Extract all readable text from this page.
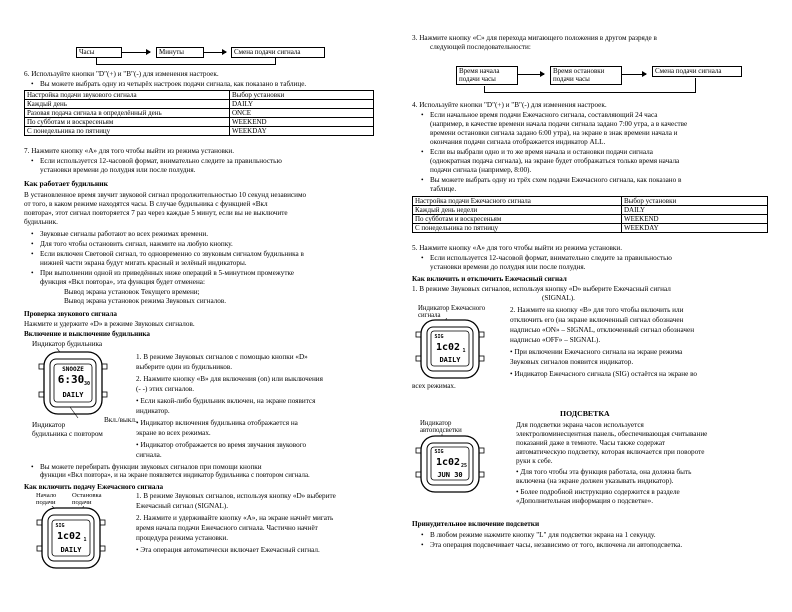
Часы	Минуты	Смена подачи сигнала
6. Используйте кнопки "D"(+) и "B"(-) для изменения настроек.
• Вы можете выбрать одну из четырёх настроек подачи сигнала, как показано в таблице.
Настройка подачи звукового сигнала	Выбор установки
Каждый день	DAILY
Разовая подача сигнала в определённый день	ONCE
По субботам и воскресеньям	WEEKEND
С понедельника по пятницу	WEEKDAY
7. Нажмите кнопку «A» для того чтобы выйти из режима установки.
• Если используется 12-часовой формат, внимательно следите за правильностью
установки времени до полудня или после полудня.
Как работает будильник
В установленное время звучит звуковой сигнал продолжительностью 10 секунд независимо
от того, в каком режиме находятся часы. В случае будильника с функцией «Вкл
повтора», этот сигнал повторяется 7 раз через каждые 5 минут, если вы не выключите
будильник.
• Звуковые сигналы работают во всех режимах времени.
• Для того чтобы остановить сигнал, нажмите на любую кнопку.
• Если включен Световой сигнал, то одновременно со звуковым сигналом будильника в
нижней части экрана будут мигать красный и зелёный индикаторы.
• При выполнении одной из приведённых ниже операций в 5-минутном промежутке
функция «Вкл повтора», эта функция будет отменена:
Вывод экрана установок Текущего времени;
Вывод экрана установок режима Звуковых сигналов.
Проверка звукового сигнала
Нажмите и удержите «D» в режиме Звуковых сигналов.
Включение и выключение будильника
Индикатор будильника
SNOOZE
6:30 30
DAILY
Индикатор
будильника с повтором
Вкл./выкл.
1. В режиме Звуковых сигналов с помощью кнопки «D»
выберите один из будильников.
2. Нажмите кнопку «B» для включения (on) или выключения
(- -) этих сигналов.
• Если какой-либо будильник включен, на экране появится
индикатор.
• Индикатор включения будильника отображается на
экране во всех режимах.
• Индикатор отображается во время звучания звукового
сигнала.
• Вы можете перебирать функции звуковых сигналов при помощи кнопки
функции «Вкл повтора», и на экране появляется индикатор будильника с повтором сигнала.
Как включить подачу Ежечасного сигнала
Начало
подачи
Остановка
подачи
SIG
1c02 1
DAILY
1. В режиме Звуковых сигналов, используя кнопку «D» выберите
Ежечасный сигнал (SIGNAL).
2. Нажмите и удерживайте кнопку «A», на экране начнёт мигать
время начала подачи Ежечасного сигнала. Частично начнёт
процедура режима установки.
• Эта операция автоматически включает Ежечасный сигнал.
3. Нажмите кнопку «C» для перехода мигающего положения в другом разряде в
следующей последовательности:
Время начала подачи часы
Время остановки подачи часы
Смена подачи сигнала
4. Используйте кнопки "D"(+) и "B"(-) для изменения настроек.
• Если начальное время подачи Ежечасного сигнала, составляющий 24 часа
(например, в качестве времени начала подачи сигнала задано 7:00 утра, а в качестве
времени остановки сигнала задано 6:00 утра), на экране в знак времени начала и
окончания подачи сигнала отображается индикатор ALL.
• Если вы выбрали одно и то же время начала и остановки подачи сигнала
(однократная подача сигнала), на экране будет отображаться только время начала
подачи сигнала (например, 8:00).
• Вы можете выбрать одну из трёх схем подачи Ежечасного сигнала, как показано в
таблице.
Настройка подачи Ежечасного сигнала	Выбор установки
Каждый день недели	DAILY
По субботам и воскресеньям	WEEKEND
С понедельника по пятницу	WEEKDAY
5. Нажмите кнопку «A» для того чтобы выйти из режима установки.
• Если используется 12-часовой формат, внимательно следите за правильностью
установки времени до полудня или после полудня.
Как включить и отключить Ежечасный сигнал
1. В режиме Звуковых сигналов, используя кнопку «D» выберите Ежечасный сигнал
(SIGNAL).
Индикатор Ежечасного
сигнала
SIG
1c02 1
DAILY
2. Нажмите на кнопку «B» для того чтобы включить или
отключить его (на экране включенный сигнал обозначен
надписью «ON» – SIGNAL, отключенный сигнал обозначен
надписью «OFF» – SIGNAL).
• При включении Ежечасного сигнала на экране режима
Звуковых сигналов появится индикатор.
• Индикатор Ежечасного сигнала (SIG) остаётся на экране во
всех режимах.
ПОДСВЕТКА
Индикатор
автоподсветки
SIG
1c02 25
JUN 30
Для подсветки экрана часов используется
электролюминесцентная панель, обеспечивающая считывание
показаний даже в темноте. Часы также содержат
автоматическую подсветку, которая включается при повороте
руки к себе.
• Для того чтобы эта функция работала, она должна быть
включена (на экране должен указывать индикатор).
• Более подробной инструкцию содержится в разделе
«Дополнительная информация о подсветке».
Принудительное включение подсветки
• В любом режиме нажмите кнопку "L" для подсветки экрана на 1 секунду.
• Эта операция подсвечивает часы, независимо от того, включена ли автоподсветка.
